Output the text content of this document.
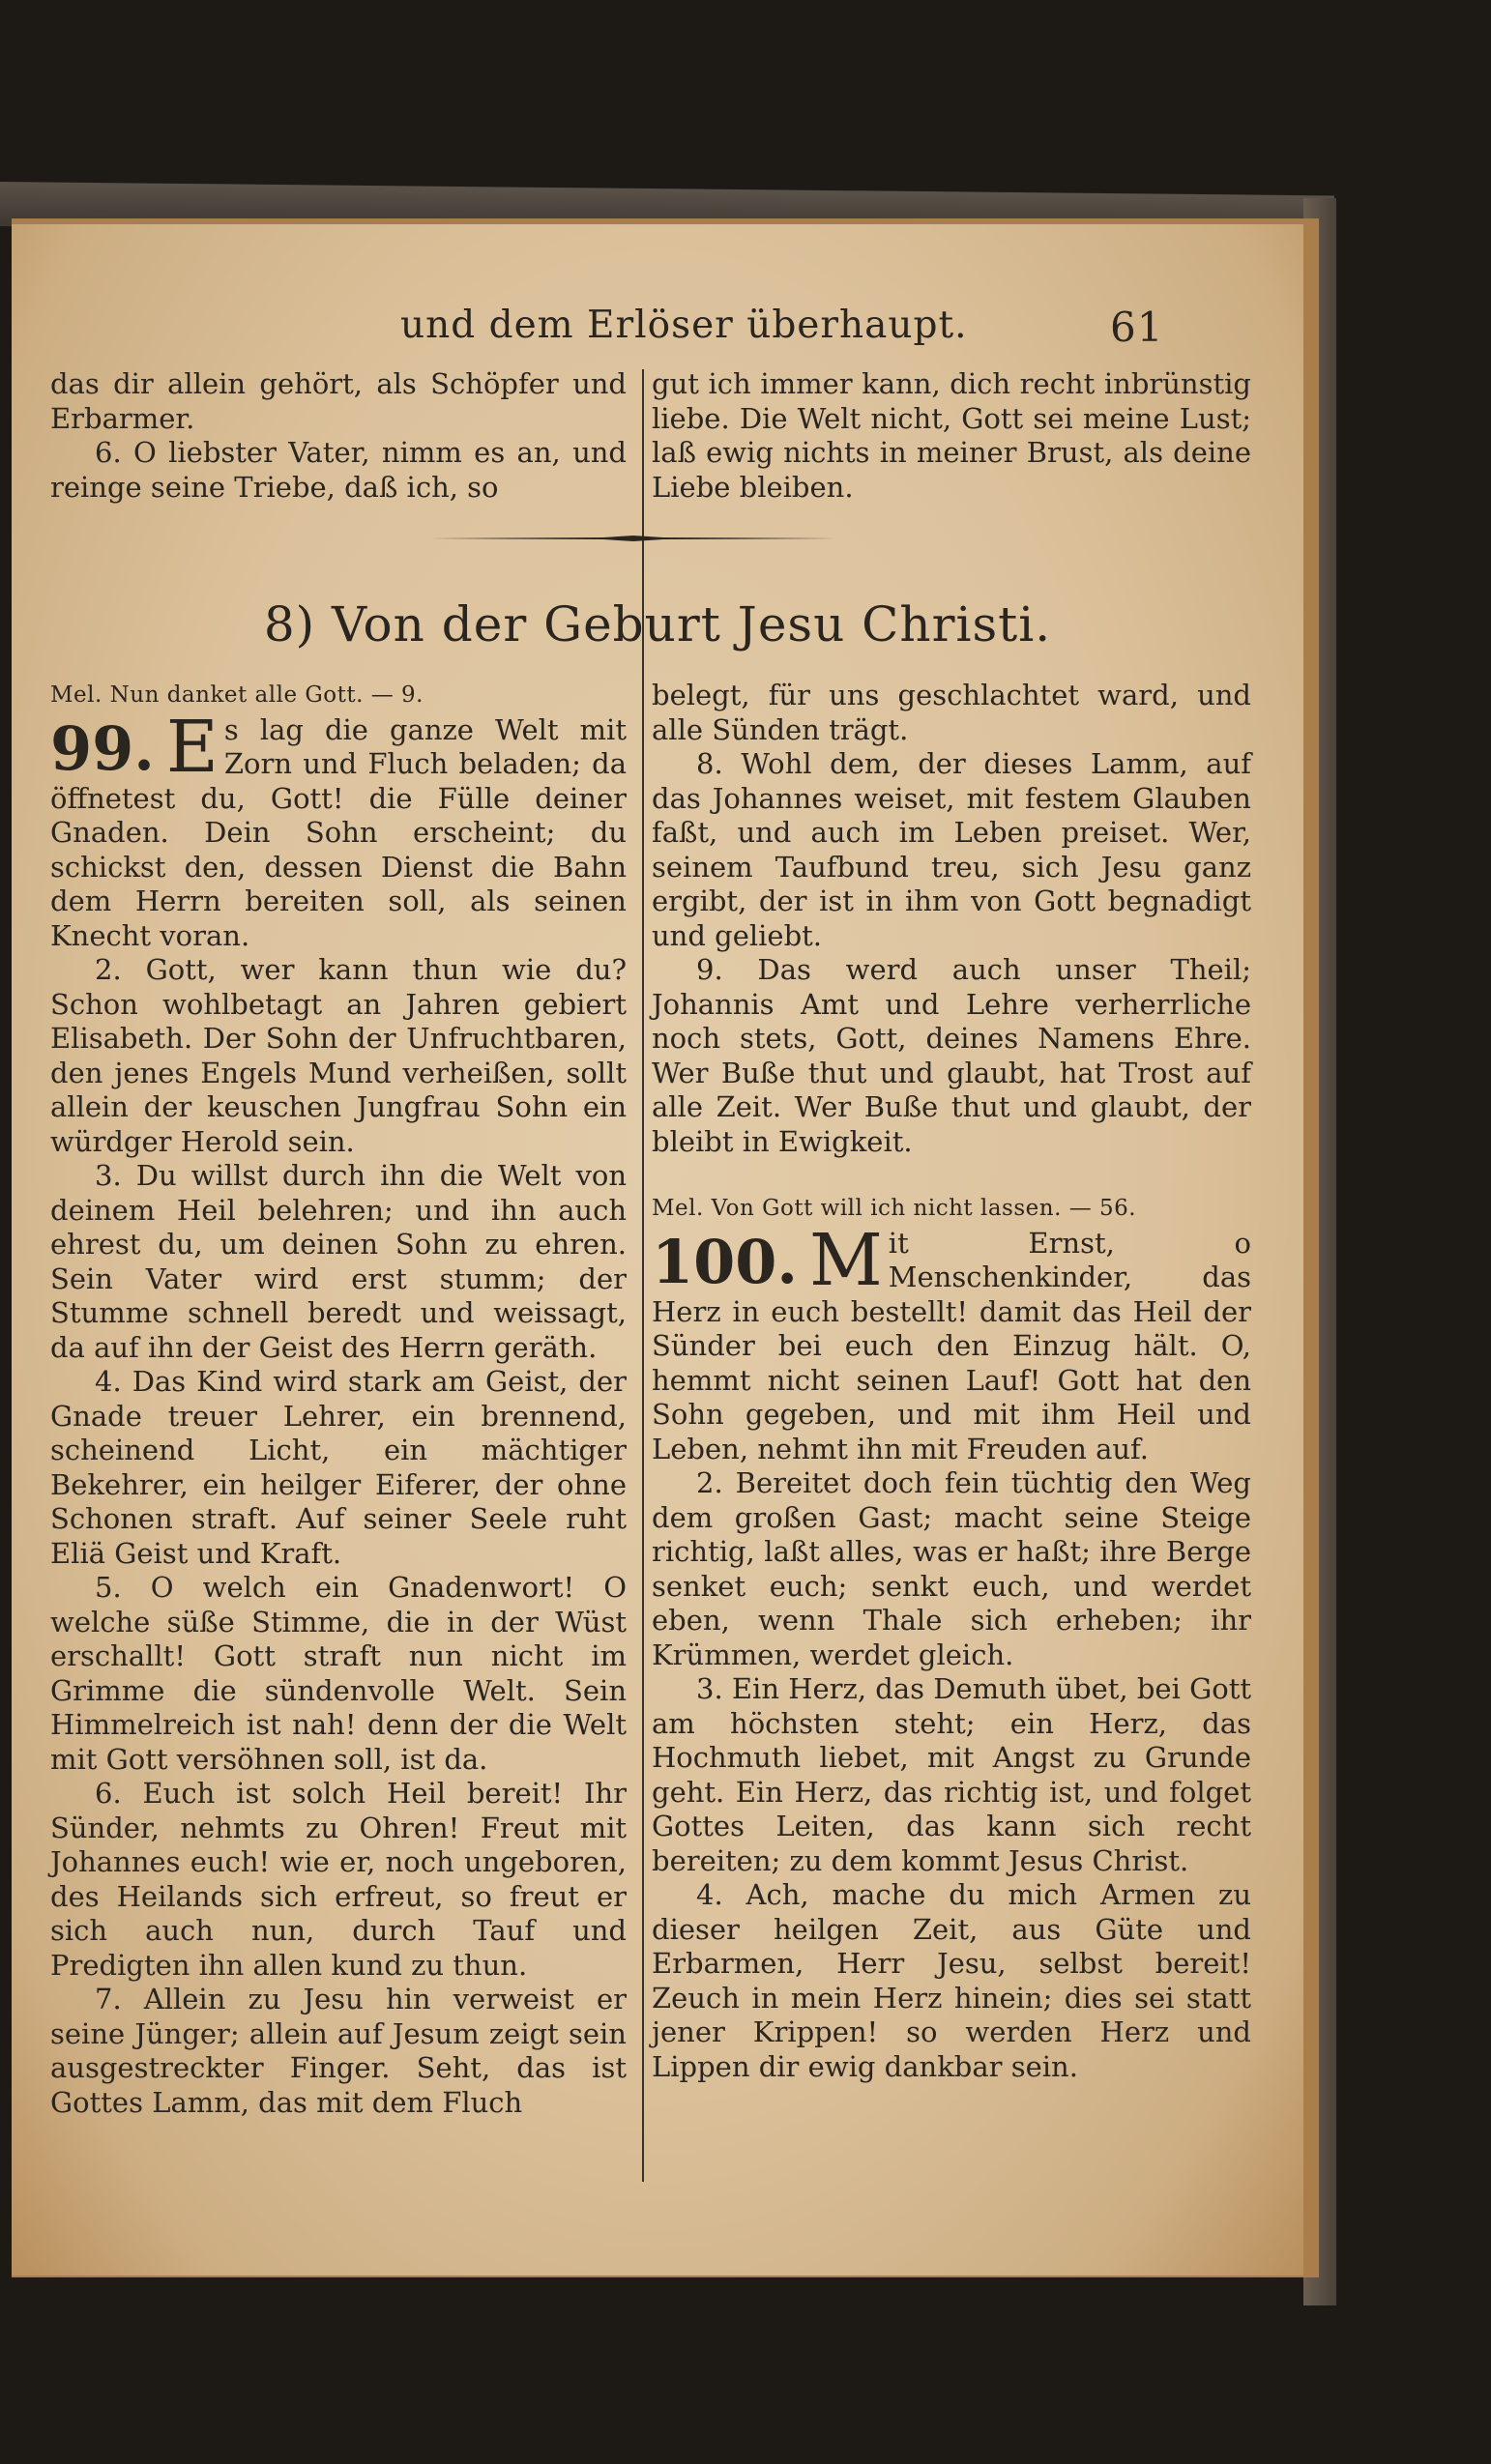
und dem Erlöser überhaupt.	61

das dir allein gehört, als Schöpfer und Erbarmer.

6. O liebster Vater, nimm es an, und reinge seine Triebe, daß ich, so

gut ich immer kann, dich recht inbrünstig liebe. Die Welt nicht, Gott sei meine Lust; laß ewig nichts in meiner Brust, als deine Liebe bleiben.

8) Von der Geburt Jesu Christi.

Mel. Nun danket alle Gott. — 9.

99. E s lag die ganze Welt mit Zorn und Fluch beladen; da öffnetest du, Gott! die Fülle deiner Gnaden. Dein Sohn erscheint; du schickst den, dessen Dienst die Bahn dem Herrn bereiten soll, als seinen Knecht voran.

2. Gott, wer kann thun wie du? Schon wohlbetagt an Jahren gebiert Elisabeth. Der Sohn der Unfruchtbaren, den jenes Engels Mund verheißen, sollt allein der keuschen Jungfrau Sohn ein würdger Herold sein.

3. Du willst durch ihn die Welt von deinem Heil belehren; und ihn auch ehrest du, um deinen Sohn zu ehren. Sein Vater wird erst stumm; der Stumme schnell beredt und weissagt, da auf ihn der Geist des Herrn geräth.

4. Das Kind wird stark am Geist, der Gnade treuer Lehrer, ein brennend, scheinend Licht, ein mächtiger Bekehrer, ein heilger Eiferer, der ohne Schonen straft. Auf seiner Seele ruht Eliä Geist und Kraft.

5. O welch ein Gnadenwort! O welche süße Stimme, die in der Wüst erschallt! Gott straft nun nicht im Grimme die sündenvolle Welt. Sein Himmelreich ist nah! denn der die Welt mit Gott versöhnen soll, ist da.

6. Euch ist solch Heil bereit! Ihr Sünder, nehmts zu Ohren! Freut mit Johannes euch! wie er, noch ungeboren, des Heilands sich erfreut, so freut er sich auch nun, durch Tauf und Predigten ihn allen kund zu thun.

7. Allein zu Jesu hin verweist er seine Jünger; allein auf Jesum zeigt sein ausgestreckter Finger. Seht, das ist Gottes Lamm, das mit dem Fluch

belegt, für uns geschlachtet ward, und alle Sünden trägt.

8. Wohl dem, der dieses Lamm, auf das Johannes weiset, mit festem Glauben faßt, und auch im Leben preiset. Wer, seinem Taufbund treu, sich Jesu ganz ergibt, der ist in ihm von Gott begnadigt und geliebt.

9. Das werd auch unser Theil; Johannis Amt und Lehre verherrliche noch stets, Gott, deines Namens Ehre. Wer Buße thut und glaubt, hat Trost auf alle Zeit. Wer Buße thut und glaubt, der bleibt in Ewigkeit.

Mel. Von Gott will ich nicht lassen. — 56.

100. M it Ernst, o Menschenkinder, das Herz in euch bestellt! damit das Heil der Sünder bei euch den Einzug hält. O, hemmt nicht seinen Lauf! Gott hat den Sohn gegeben, und mit ihm Heil und Leben, nehmt ihn mit Freuden auf.

2. Bereitet doch fein tüchtig den Weg dem großen Gast; macht seine Steige richtig, laßt alles, was er haßt; ihre Berge senket euch; senkt euch, und werdet eben, wenn Thale sich erheben; ihr Krümmen, werdet gleich.

3. Ein Herz, das Demuth übet, bei Gott am höchsten steht; ein Herz, das Hochmuth liebet, mit Angst zu Grunde geht. Ein Herz, das richtig ist, und folget Gottes Leiten, das kann sich recht bereiten; zu dem kommt Jesus Christ.

4. Ach, mache du mich Armen zu dieser heilgen Zeit, aus Güte und Erbarmen, Herr Jesu, selbst bereit! Zeuch in mein Herz hinein; dies sei statt jener Krippen! so werden Herz und Lippen dir ewig dankbar sein.
